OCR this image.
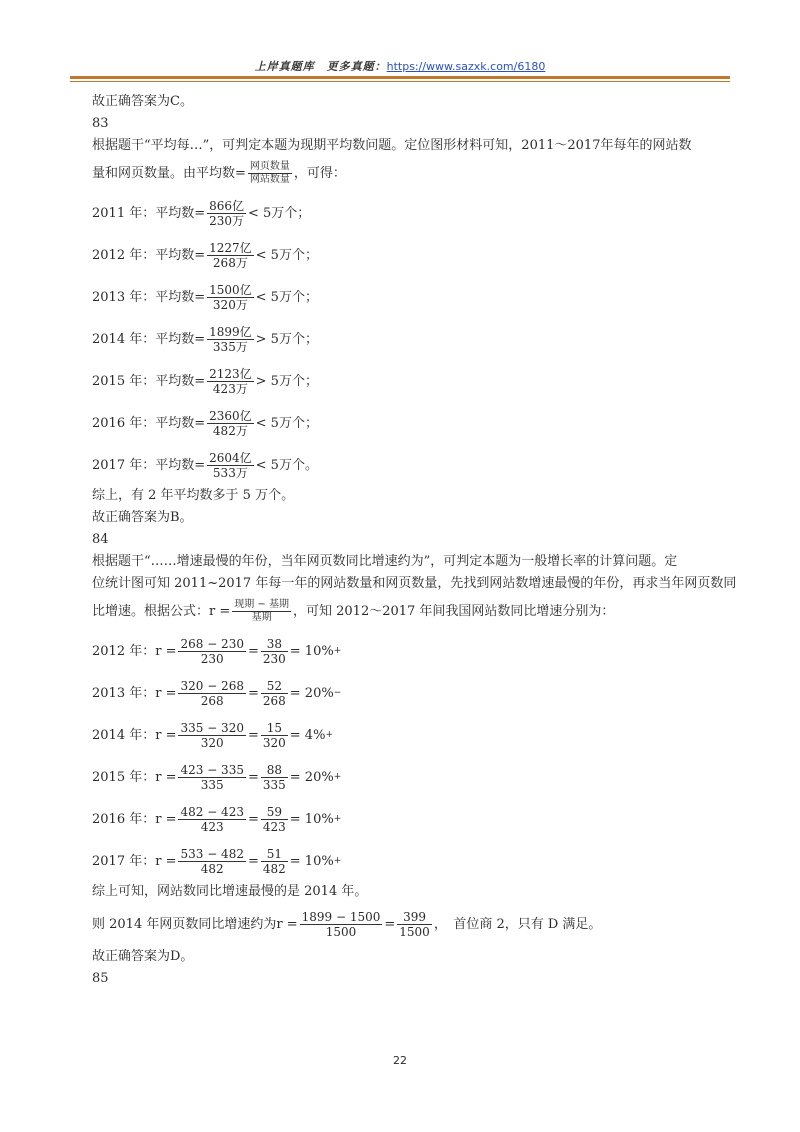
上岸真题库　更多真题：https://www.sazxk.com/6180
故正确答案为C。
83
根据题干“平均每…”，可判定本题为现期平均数问题。定位图形材料可知，2011～2017年每年的网站数
量和网页数量。由平均数= $\frac{\text{网页数量}}{\text{网站数量}}$ ，可得：
2011 年：平均数= $\frac{\text{866亿}}{\text{230万}} < 5$万个；
2012 年：平均数= $\frac{\text{1227亿}}{\text{268万}} < 5$万个；
2013 年：平均数= $\frac{\text{1500亿}}{\text{320万}} < 5$万个；
2014 年：平均数= $\frac{\text{1899亿}}{\text{335万}} > 5$万个；
2015 年：平均数= $\frac{\text{2123亿}}{\text{423万}} > 5$万个；
2016 年：平均数= $\frac{\text{2360亿}}{\text{482万}} < 5$万个；
2017 年：平均数= $\frac{\text{2604亿}}{\text{533万}} < 5$万个。
综上，有 2 年平均数多于 5 万个。
故正确答案为B。
84
根据题干“……增速最慢的年份，当年网页数同比增速约为”，可判定本题为一般增长率的计算问题。定
位统计图可知 2011~2017 年每一年的网站数量和网页数量，先找到网站数增速最慢的年份，再求当年网页数同
比增速。根据公式：$r = \frac{\text{现期 − 基期}}{\text{基期}}$ ，可知 2012～2017 年间我国网站数同比增速分别为：
2012 年：$r = \frac{268 - 230}{230} = \frac{38}{230} = 10\%$ +
2013 年：$r = \frac{320 - 268}{268} = \frac{52}{268} = 20\%$ −
2014 年：$r = \frac{335 - 320}{320} = \frac{15}{320} = 4\%$ +
2015 年：$r = \frac{423 - 335}{335} = \frac{88}{335} = 20\%$ +
2016 年：$r = \frac{482 - 423}{423} = \frac{59}{423} = 10\%$ +
2017 年：$r = \frac{533 - 482}{482} = \frac{51}{482} = 10\%$ +
综上可知，网站数同比增速最慢的是 2014 年。
则 2014 年网页数同比增速约为$r = \frac{1899 - 1500}{1500} = \frac{399}{1500}$ ，　首位商 2，只有 D 满足。
故正确答案为D。
85
22
